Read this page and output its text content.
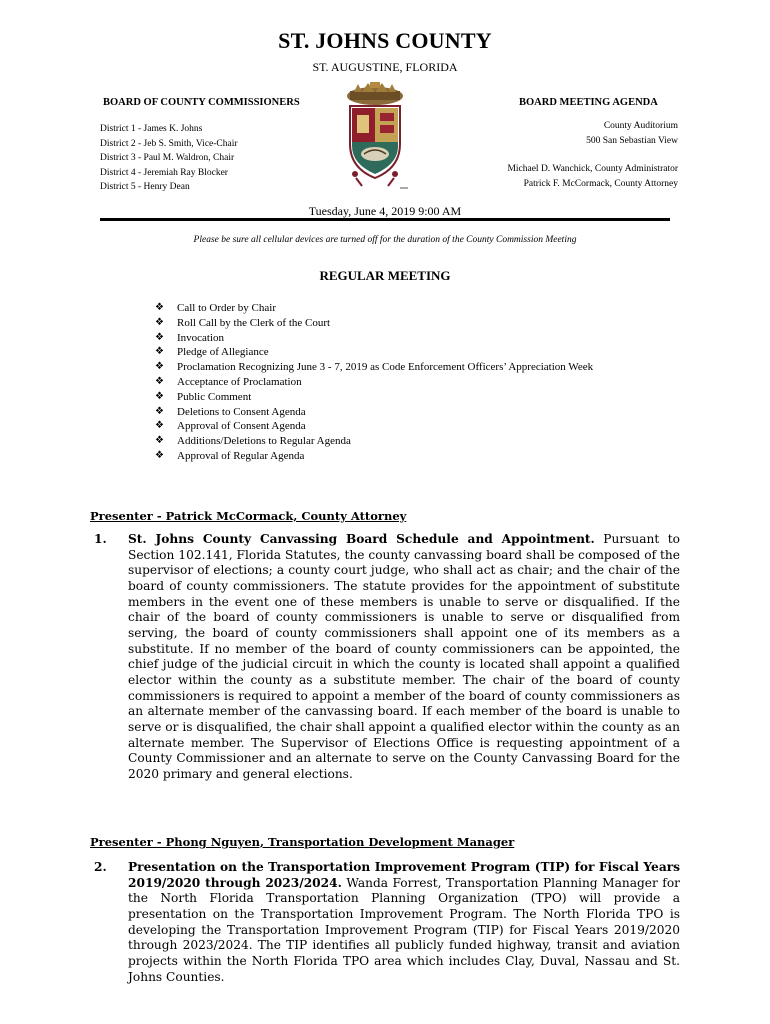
ST. JOHNS COUNTY
ST. AUGUSTINE, FLORIDA
BOARD OF COUNTY COMMISSIONERS	BOARD MEETING AGENDA
District 1 - James K. Johns
District 2 - Jeb S. Smith, Vice-Chair
District 3 - Paul M. Waldron, Chair
District 4 - Jeremiah Ray Blocker
District 5 - Henry Dean
County Auditorium
500 San Sebastian View
Michael D. Wanchick, County Administrator
Patrick F. McCormack, County Attorney
Tuesday, June 4, 2019 9:00 AM
Please be sure all cellular devices are turned off for the duration of the County Commission Meeting
REGULAR MEETING
❖	Call to Order by Chair
❖	Roll Call by the Clerk of the Court
❖	Invocation
❖	Pledge of Allegiance
❖	Proclamation Recognizing June 3 - 7, 2019 as Code Enforcement Officers’ Appreciation Week
❖	Acceptance of Proclamation
❖	Public Comment
❖	Deletions to Consent Agenda
❖	Approval of Consent Agenda
❖	Additions/Deletions to Regular Agenda
❖	Approval of Regular Agenda
Presenter - Patrick McCormack, County Attorney
1. St. Johns County Canvassing Board Schedule and Appointment. Pursuant to Section 102.141, Florida Statutes, the county canvassing board shall be composed of the supervisor of elections; a county court judge, who shall act as chair; and the chair of the board of county commissioners. The statute provides for the appointment of substitute members in the event one of these members is unable to serve or disqualified. If the chair of the board of county commissioners is unable to serve or disqualified from serving, the board of county commissioners shall appoint one of its members as a substitute. If no member of the board of county commissioners can be appointed, the chief judge of the judicial circuit in which the county is located shall appoint a qualified elector within the county as a substitute member. The chair of the board of county commissioners is required to appoint a member of the board of county commissioners as an alternate member of the canvassing board. If each member of the board is unable to serve or is disqualified, the chair shall appoint a qualified elector within the county as an alternate member. The Supervisor of Elections Office is requesting appointment of a County Commissioner and an alternate to serve on the County Canvassing Board for the 2020 primary and general elections.
Presenter - Phong Nguyen, Transportation Development Manager
2. Presentation on the Transportation Improvement Program (TIP) for Fiscal Years 2019/2020 through 2023/2024. Wanda Forrest, Transportation Planning Manager for the North Florida Transportation Planning Organization (TPO) will provide a presentation on the Transportation Improvement Program. The North Florida TPO is developing the Transportation Improvement Program (TIP) for Fiscal Years 2019/2020 through 2023/2024. The TIP identifies all publicly funded highway, transit and aviation projects within the North Florida TPO area which includes Clay, Duval, Nassau and St. Johns Counties.
